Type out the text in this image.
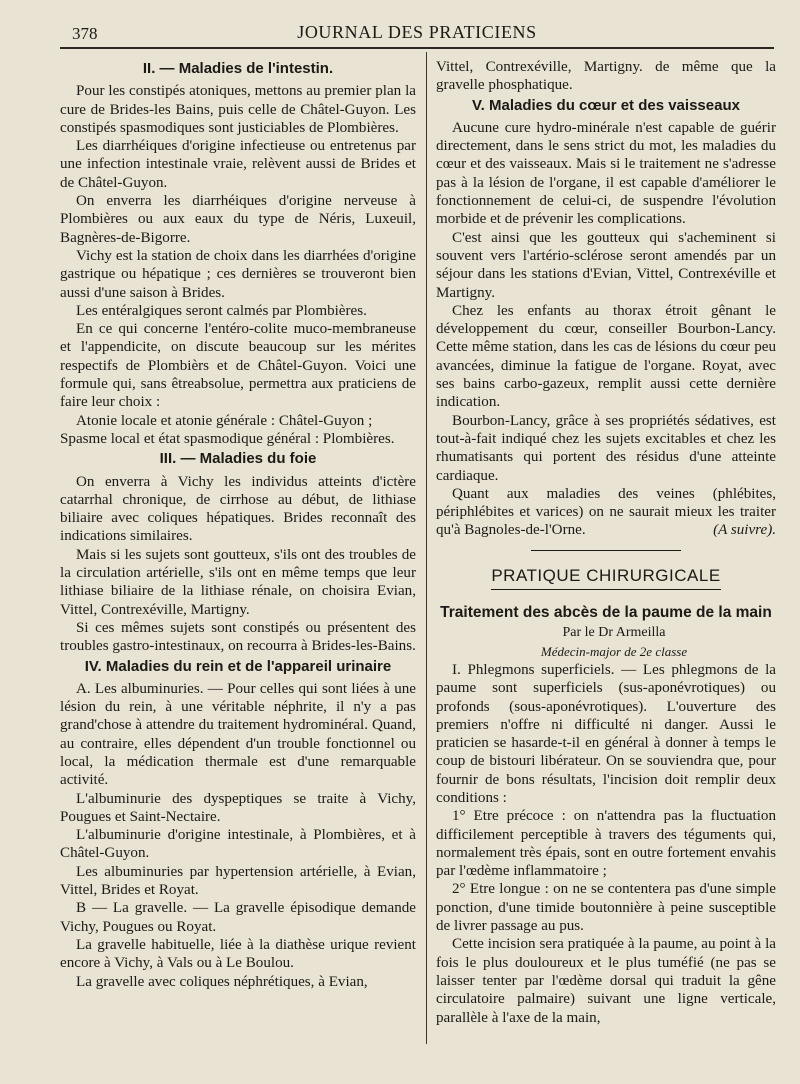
378	JOURNAL DES PRATICIENS
II. — Maladies de l'intestin.

Pour les constipés atoniques, mettons au premier plan la cure de Brides-les Bains, puis celle de Châtel-Guyon. Les constipés spasmodiques sont justiciables de Plombières.

Les diarrhéiques d'origine infectieuse ou entretenus par une infection intestinale vraie, relèvent aussi de Brides et de Châtel-Guyon.

On enverra les diarrhéiques d'origine nerveuse à Plombières ou aux eaux du type de Néris, Luxeuil, Bagnères-de-Bigorre.

Vichy est la station de choix dans les diarrhées d'origine gastrique ou hépatique ; ces dernières se trouveront bien aussi d'une saison à Brides.

Les entéralgiques seront calmés par Plombières.

En ce qui concerne l'entéro-colite muco-membraneuse et l'appendicite, on discute beaucoup sur les mérites respectifs de Plombièrs et de Châtel-Guyon. Voici une formule qui, sans êtreabsolue, permettra aux praticiens de faire leur choix :

Atonie locale et atonie générale : Châtel-Guyon ;

Spasme local et état spasmodique général : Plombières.

III. — Maladies du foie

On enverra à Vichy les individus atteints d'ictère catarrhal chronique, de cirrhose au début, de lithiase biliaire avec coliques hépatiques. Brides reconnaît des indications similaires.

Mais si les sujets sont goutteux, s'ils ont des troubles de la circulation artérielle, s'ils ont en même temps que leur lithiase biliaire de la lithiase rénale, on choisira Evian, Vittel, Contrexéville, Martigny.

Si ces mêmes sujets sont constipés ou présentent des troubles gastro-intestinaux, on recourra à Brides-les-Bains.

IV. Maladies du rein et de l'appareil urinaire

A. Les albuminuries. — Pour celles qui sont liées à une lésion du rein, à une véritable néphrite, il n'y a pas grand'chose à attendre du traitement hydrominéral. Quand, au contraire, elles dépendent d'un trouble fonctionnel ou local, la médication thermale est d'une remarquable activité.

L'albuminurie des dyspeptiques se traite à Vichy, Pougues et Saint-Nectaire.

L'albuminurie d'origine intestinale, à Plombières, et à Châtel-Guyon.

Les albuminuries par hypertension artérielle, à Evian, Vittel, Brides et Royat.

B — La gravelle. — La gravelle épisodique demande Vichy, Pougues ou Royat.

La gravelle habituelle, liée à la diathèse urique revient encore à Vichy, à Vals ou à Le Boulou.

La gravelle avec coliques néphrétiques, à Evian,

Vittel, Contrexéville, Martigny. de même que la gravelle phosphatique.

V. Maladies du cœur et des vaisseaux

Aucune cure hydro-minérale n'est capable de guérir directement, dans le sens strict du mot, les maladies du cœur et des vaisseaux. Mais si le traitement ne s'adresse pas à la lésion de l'organe, il est capable d'améliorer le fonctionnement de celui-ci, de suspendre l'évolution morbide et de prévenir les complications.

C'est ainsi que les goutteux qui s'acheminent si souvent vers l'artério-sclérose seront amendés par un séjour dans les stations d'Evian, Vittel, Contrexéville et Martigny.

Chez les enfants au thorax étroit gênant le développement du cœur, conseiller Bourbon-Lancy. Cette même station, dans les cas de lésions du cœur peu avancées, diminue la fatigue de l'organe. Royat, avec ses bains carbo-gazeux, remplit aussi cette dernière indication.

Bourbon-Lancy, grâce à ses propriétés sédatives, est tout-à-fait indiqué chez les sujets excitables et chez les rhumatisants qui portent des résidus d'une atteinte cardiaque.

Quant aux maladies des veines (phlébites, périphlébites et varices) on ne saurait mieux les traiter qu'à Bagnoles-de-l'Orne.	(A suivre).

PRATIQUE CHIRURGICALE
Traitement des abcès de la paume de la main

Par le Dr Armeilla

Médecin-major de 2e classe

I. Phlegmons superficiels. — Les phlegmons de la paume sont superficiels (sus-aponévrotiques) ou profonds (sous-aponévrotiques). L'ouverture des premiers n'offre ni difficulté ni danger. Aussi le praticien se hasarde-t-il en général à donner à temps le coup de bistouri libérateur. On se souviendra que, pour fournir de bons résultats, l'incision doit remplir deux conditions :

1° Etre précoce : on n'attendra pas la fluctuation difficilement perceptible à travers des téguments qui, normalement très épais, sont en outre fortement envahis par l'œdème inflammatoire ;

2° Etre longue : on ne se contentera pas d'une simple ponction, d'une timide boutonnière à peine susceptible de livrer passage au pus.

Cette incision sera pratiquée à la paume, au point à la fois le plus douloureux et le plus tuméfié (ne pas se laisser tenter par l'œdème dorsal qui traduit la gêne circulatoire palmaire) suivant une ligne verticale, parallèle à l'axe de la main,
